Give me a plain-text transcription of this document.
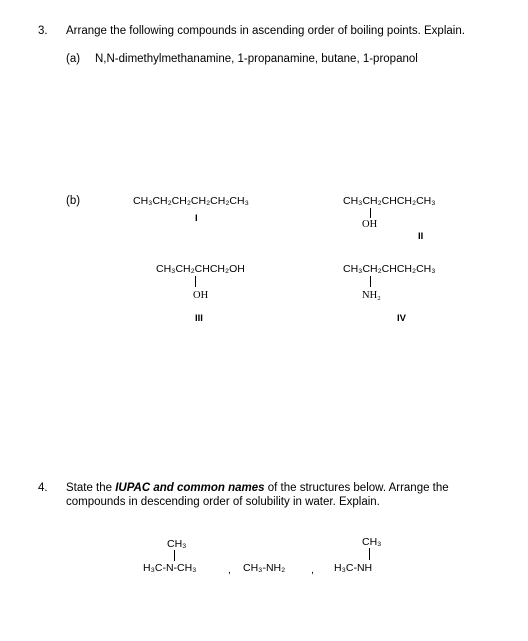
3. Arrange the following compounds in ascending order of boiling points. Explain.
(a) N,N-dimethylmethanamine, 1-propanamine, butane, 1-propanol
(b)	CH₃CH₂CH₂CH₂CH₂CH₃
I
CH₃CH₂CHCH₂CH₃
OH
II
CH₃CH₂CHCH₂OH
OH
III
CH₃CH₂CHCH₂CH₃
NH₂
IV
4. State the IUPAC and common names of the structures below. Arrange the
compounds in descending order of solubility in water. Explain.
CH₃
H₃C-N-CH₃	, CH₃-NH₂ ,
CH₃
H₃C-NH
